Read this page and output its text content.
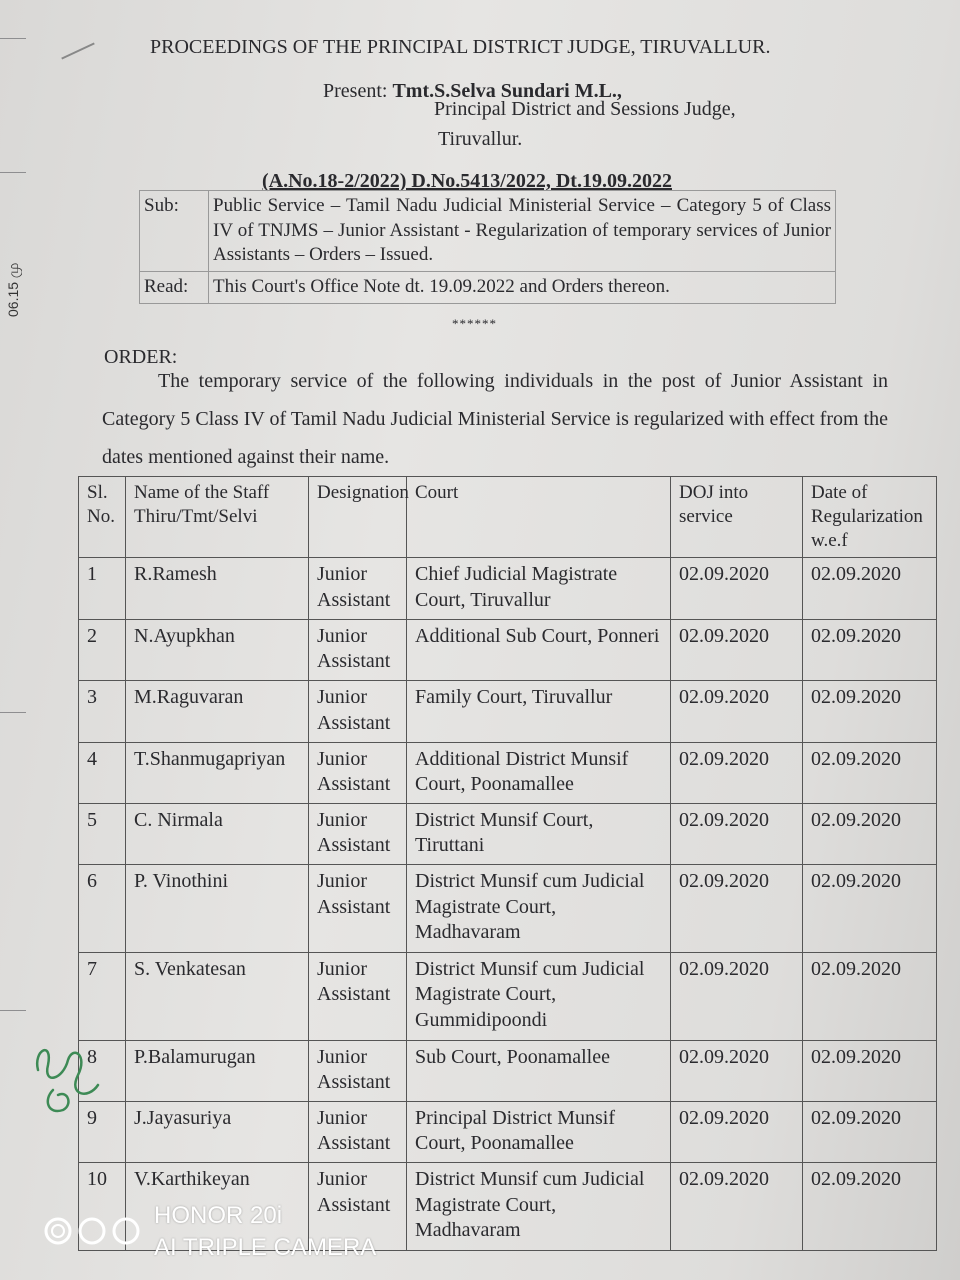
06.15 மு
PROCEEDINGS OF THE PRINCIPAL DISTRICT JUDGE, TIRUVALLUR.
Present: Tmt.S.Selva Sundari M.L.,
Principal District and Sessions Judge,
Tiruvallur.
(A.No.18-2/2022) D.No.5413/2022, Dt.19.09.2022
Sub:	Public Service – Tamil Nadu Judicial Ministerial Service – Category 5 of Class IV of TNJMS – Junior Assistant - Regularization of temporary services of Junior Assistants – Orders – Issued.
Read:	This Court's Office Note dt. 19.09.2022 and Orders thereon.
******
ORDER:
The temporary service of the following individuals in the post of Junior Assistant in Category 5 Class IV of Tamil Nadu Judicial Ministerial Service is regularized with effect from the dates mentioned against their name.
Sl. No.	Name of the Staff Thiru/Tmt/Selvi	Designation	Court	DOJ into service	Date of Regularization w.e.f
1	R.Ramesh	Junior Assistant	Chief Judicial Magistrate Court, Tiruvallur	02.09.2020	02.09.2020
2	N.Ayupkhan	Junior Assistant	Additional Sub Court, Ponneri	02.09.2020	02.09.2020
3	M.Raguvaran	Junior Assistant	Family Court, Tiruvallur	02.09.2020	02.09.2020
4	T.Shanmugapriyan	Junior Assistant	Additional District Munsif Court, Poonamallee	02.09.2020	02.09.2020
5	C. Nirmala	Junior Assistant	District Munsif Court, Tiruttani	02.09.2020	02.09.2020
6	P. Vinothini	Junior Assistant	District Munsif cum Judicial Magistrate Court, Madhavaram	02.09.2020	02.09.2020
7	S. Venkatesan	Junior Assistant	District Munsif cum Judicial Magistrate Court, Gummidipoondi	02.09.2020	02.09.2020
8	P.Balamurugan	Junior Assistant	Sub Court, Poonamallee	02.09.2020	02.09.2020
9	J.Jayasuriya	Junior Assistant	Principal District Munsif Court, Poonamallee	02.09.2020	02.09.2020
10	V.Karthikeyan	Junior Assistant	District Munsif cum Judicial Magistrate Court, Madhavaram	02.09.2020	02.09.2020
HONOR 20i
AI TRIPLE CAMERA
